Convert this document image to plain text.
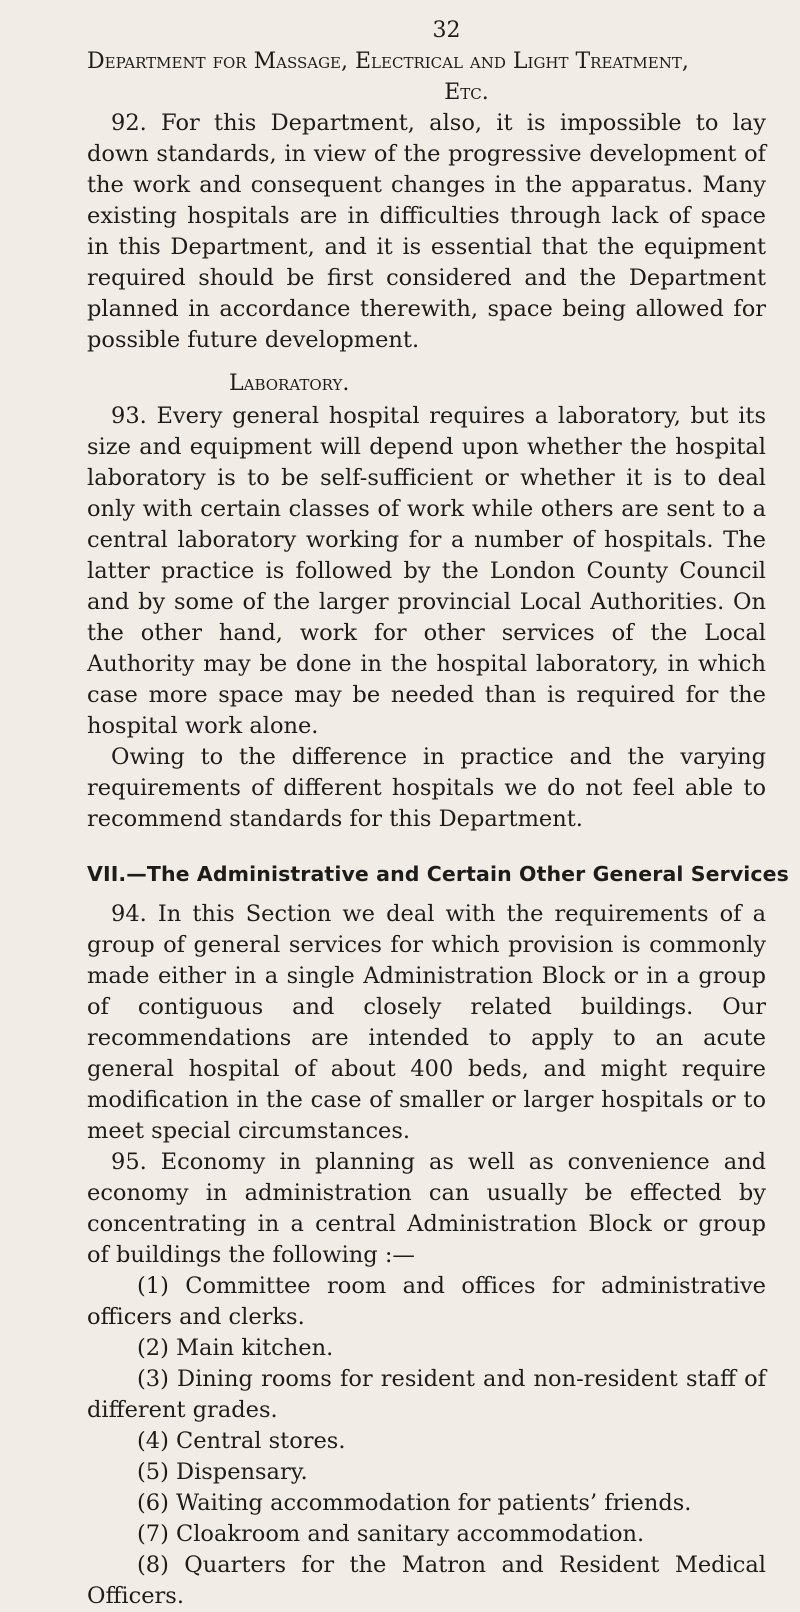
32
Department for Massage, Electrical and Light Treatment,
Etc.

92. For this Department, also, it is impossible to lay down standards, in view of the progressive development of the work and consequent changes in the apparatus. Many existing hospitals are in difficulties through lack of space in this Department, and it is essential that the equipment required should be first considered and the Department planned in accordance therewith, space being allowed for possible future development.

Laboratory.

93. Every general hospital requires a laboratory, but its size and equipment will depend upon whether the hospital laboratory is to be self-sufficient or whether it is to deal only with certain classes of work while others are sent to a central laboratory working for a number of hospitals. The latter practice is followed by the London County Council and by some of the larger provincial Local Authorities. On the other hand, work for other services of the Local Authority may be done in the hospital laboratory, in which case more space may be needed than is required for the hospital work alone.

Owing to the difference in practice and the varying requirements of different hospitals we do not feel able to recommend standards for this Department.

VII.—The Administrative and Certain Other General Services

94. In this Section we deal with the requirements of a group of general services for which provision is commonly made either in a single Administration Block or in a group of contiguous and closely related buildings. Our recommendations are intended to apply to an acute general hospital of about 400 beds, and might require modification in the case of smaller or larger hospitals or to meet special circumstances.

95. Economy in planning as well as convenience and economy in administration can usually be effected by concentrating in a central Administration Block or group of buildings the following :—

(1) Committee room and offices for administrative officers and clerks.
(2) Main kitchen.
(3) Dining rooms for resident and non-resident staff of different grades.
(4) Central stores.
(5) Dispensary.
(6) Waiting accommodation for patients’ friends.
(7) Cloakroom and sanitary accommodation.
(8) Quarters for the Matron and Resident Medical Officers.
